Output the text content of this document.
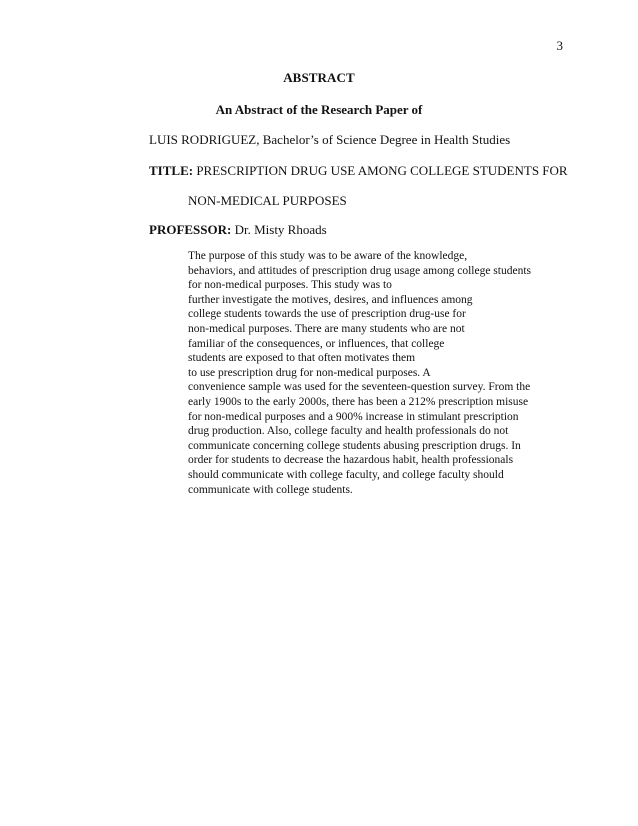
3
ABSTRACT
An Abstract of the Research Paper of
LUIS RODRIGUEZ, Bachelor’s of Science Degree in Health Studies
TITLE: PRESCRIPTION DRUG USE AMONG COLLEGE STUDENTS FOR
NON-MEDICAL PURPOSES
PROFESSOR: Dr. Misty Rhoads
The purpose of this study was to be aware of the knowledge,
behaviors, and attitudes of prescription drug usage among college students
for non-medical purposes. This study was to
further investigate the motives, desires, and influences among
college students towards the use of prescription drug-use for
non-medical purposes. There are many students who are not
familiar of the consequences, or influences, that college
students are exposed to that often motivates them
to use prescription drug for non-medical purposes. A
convenience sample was used for the seventeen-question survey. From the
early 1900s to the early 2000s, there has been a 212% prescription misuse
for non-medical purposes and a 900% increase in stimulant prescription
drug production. Also, college faculty and health professionals do not
communicate concerning college students abusing prescription drugs. In
order for students to decrease the hazardous habit, health professionals
should communicate with college faculty, and college faculty should
communicate with college students.
